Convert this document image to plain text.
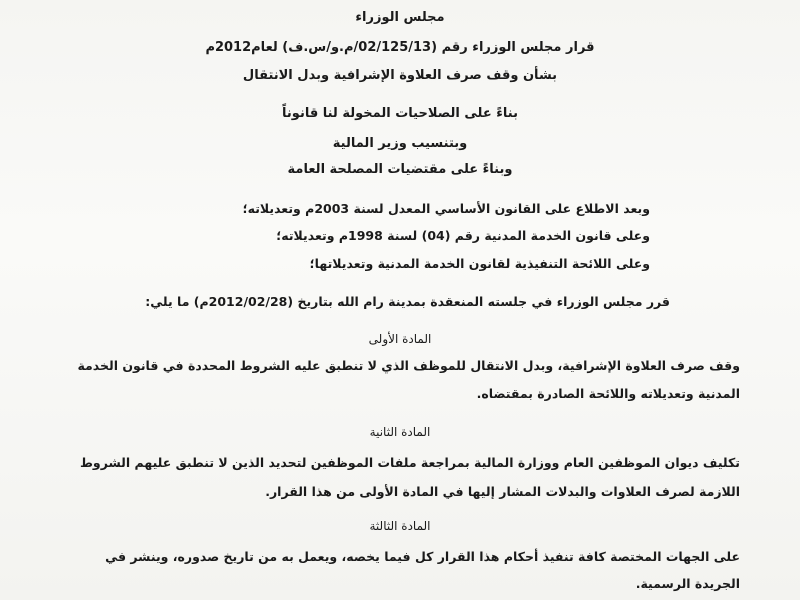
مجلس الوزراء
قرار مجلس الوزراء رقم (02/125/13/م.و/س.ف) لعام2012م
بشأن وقف صرف العلاوة الإشرافية وبدل الانتقال
بناءً على الصلاحيات المخولة لنا قانوناً
وبتنسيب وزير المالية
وبناءً على مقتضيات المصلحة العامة
وبعد الاطلاع على القانون الأساسي المعدل لسنة 2003م وتعديلاته؛
وعلى قانون الخدمة المدنية رقم (04) لسنة 1998م وتعديلاته؛
وعلى اللائحة التنفيذية لقانون الخدمة المدنية وتعديلاتها؛
قرر مجلس الوزراء في جلسته المنعقدة بمدينة رام الله بتاريخ (2012/02/28م) ما يلي:
المادة الأولى
وقف صرف العلاوة الإشرافية، وبدل الانتقال للموظف الذي لا تنطبق عليه الشروط المحددة في قانون الخدمة
المدنية وتعديلاته واللائحة الصادرة بمقتضاه.
المادة الثانية
تكليف ديوان الموظفين العام ووزارة المالية بمراجعة ملفات الموظفين لتحديد الذين لا تنطبق عليهم الشروط
اللازمة لصرف العلاوات والبدلات المشار إليها في المادة الأولى من هذا القرار.
المادة الثالثة
على الجهات المختصة كافة تنفيذ أحكام هذا القرار كل فيما يخصه، ويعمل به من تاريخ صدوره، وينشر في
الجريدة الرسمية.
